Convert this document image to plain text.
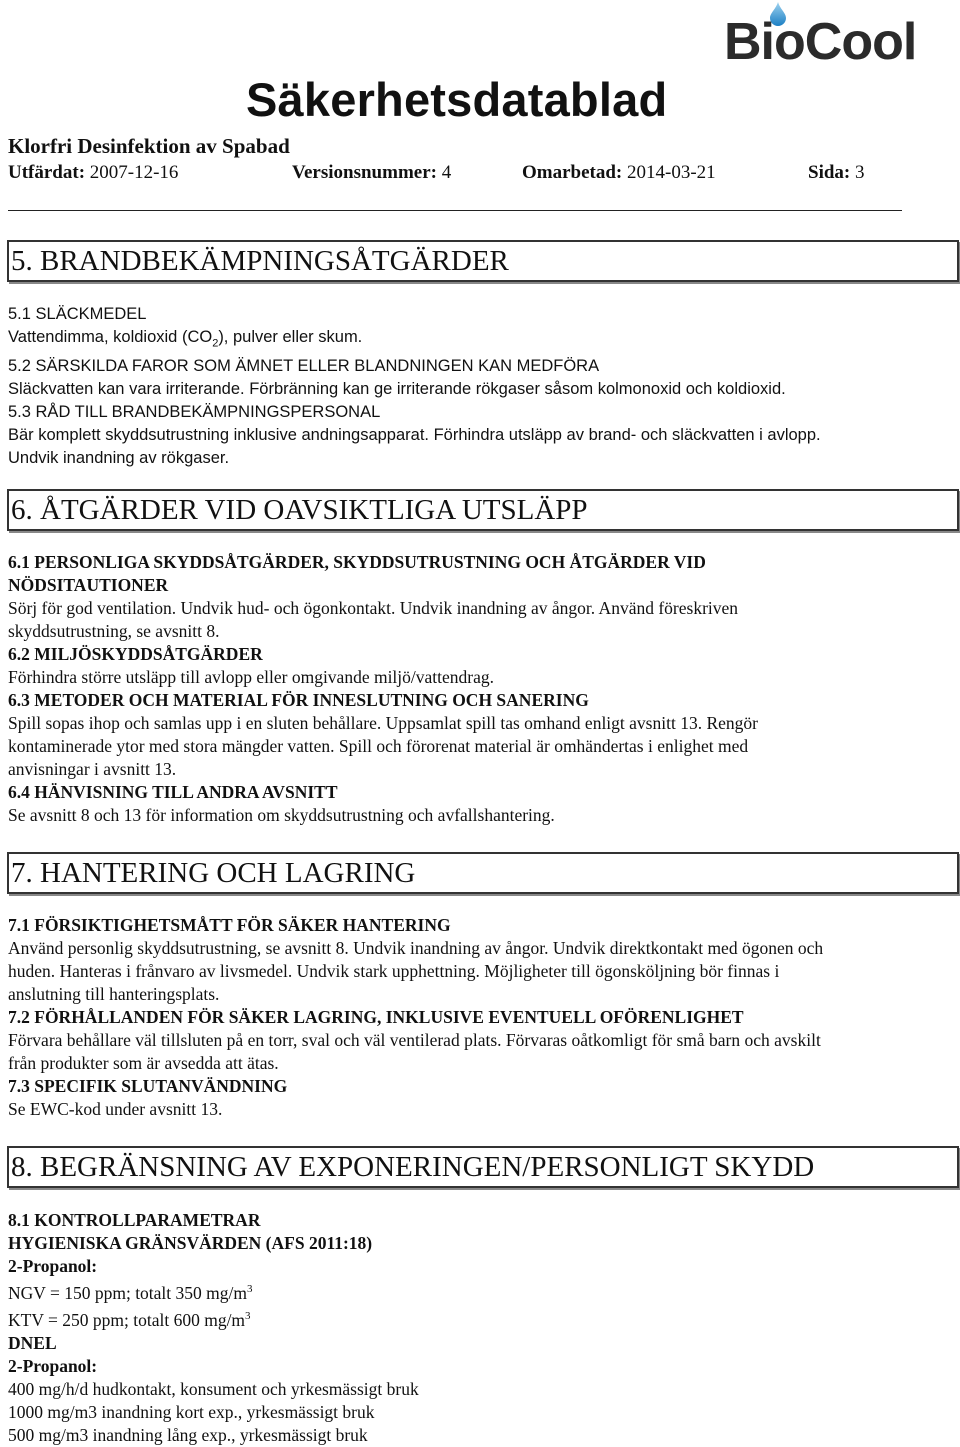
BioCool
Säkerhetsdatablad
Klorfri Desinfektion av Spabad
Utfärdat: 2007-12-16	Versionsnummer: 4	Omarbetad: 2014-03-21	Sida: 3
5. BRANDBEKÄMPNINGSÅTGÄRDER
5.1 SLÄCKMEDEL
Vattendimma, koldioxid $(CO_2)$, pulver eller skum.
5.2 SÄRSKILDA FAROR SOM ÄMNET ELLER BLANDNINGEN KAN MEDFÖRA
Släckvatten kan vara irriterande. Förbränning kan ge irriterande rökgaser såsom kolmonoxid och koldioxid.
5.3 RÅD TILL BRANDBEKÄMPNINGSPERSONAL
Bär komplett skyddsutrustning inklusive andningsapparat. Förhindra utsläpp av brand- och släckvatten i avlopp.
Undvik inandning av rökgaser.
6. ÅTGÄRDER VID OAVSIKTLIGA UTSLÄPP
6.1 PERSONLIGA SKYDDSÅTGÄRDER, SKYDDSUTRUSTNING OCH ÅTGÄRDER VID
NÖDSITAUTIONER
Sörj för god ventilation. Undvik hud- och ögonkontakt. Undvik inandning av ångor. Använd föreskriven
skyddsutrustning, se avsnitt 8.
6.2 MILJÖSKYDDSÅTGÄRDER
Förhindra större utsläpp till avlopp eller omgivande miljö/vattendrag.
6.3 METODER OCH MATERIAL FÖR INNESLUTNING OCH SANERING
Spill sopas ihop och samlas upp i en sluten behållare. Uppsamlat spill tas omhand enligt avsnitt 13. Rengör
kontaminerade ytor med stora mängder vatten. Spill och förorenat material är omhändertas i enlighet med
anvisningar i avsnitt 13.
6.4 HÄNVISNING TILL ANDRA AVSNITT
Se avsnitt 8 och 13 för information om skyddsutrustning och avfallshantering.
7. HANTERING OCH LAGRING
7.1 FÖRSIKTIGHETSMÅTT FÖR SÄKER HANTERING
Använd personlig skyddsutrustning, se avsnitt 8. Undvik inandning av ångor. Undvik direktkontakt med ögonen och
huden. Hanteras i frånvaro av livsmedel. Undvik stark upphettning. Möjligheter till ögonsköljning bör finnas i
anslutning till hanteringsplats.
7.2 FÖRHÅLLANDEN FÖR SÄKER LAGRING, INKLUSIVE EVENTUELL OFÖRENLIGHET
Förvara behållare väl tillsluten på en torr, sval och väl ventilerad plats. Förvaras oåtkomligt för små barn och avskilt
från produkter som är avsedda att ätas.
7.3 SPECIFIK SLUTANVÄNDNING
Se EWC-kod under avsnitt 13.
8. BEGRÄNSNING AV EXPONERINGEN/PERSONLIGT SKYDD
8.1 KONTROLLPARAMETRAR
HYGIENISKA GRÄNSVÄRDEN (AFS 2011:18)
2-Propanol:
NGV = 150 ppm; totalt 350 $mg/m^3$
KTV = 250 ppm; totalt 600 $mg/m^3$
DNEL
2-Propanol:
400 mg/h/d hudkontakt, konsument och yrkesmässigt bruk
1000 mg/m3 inandning kort exp., yrkesmässigt bruk
500 mg/m3 inandning lång exp., yrkesmässigt bruk
